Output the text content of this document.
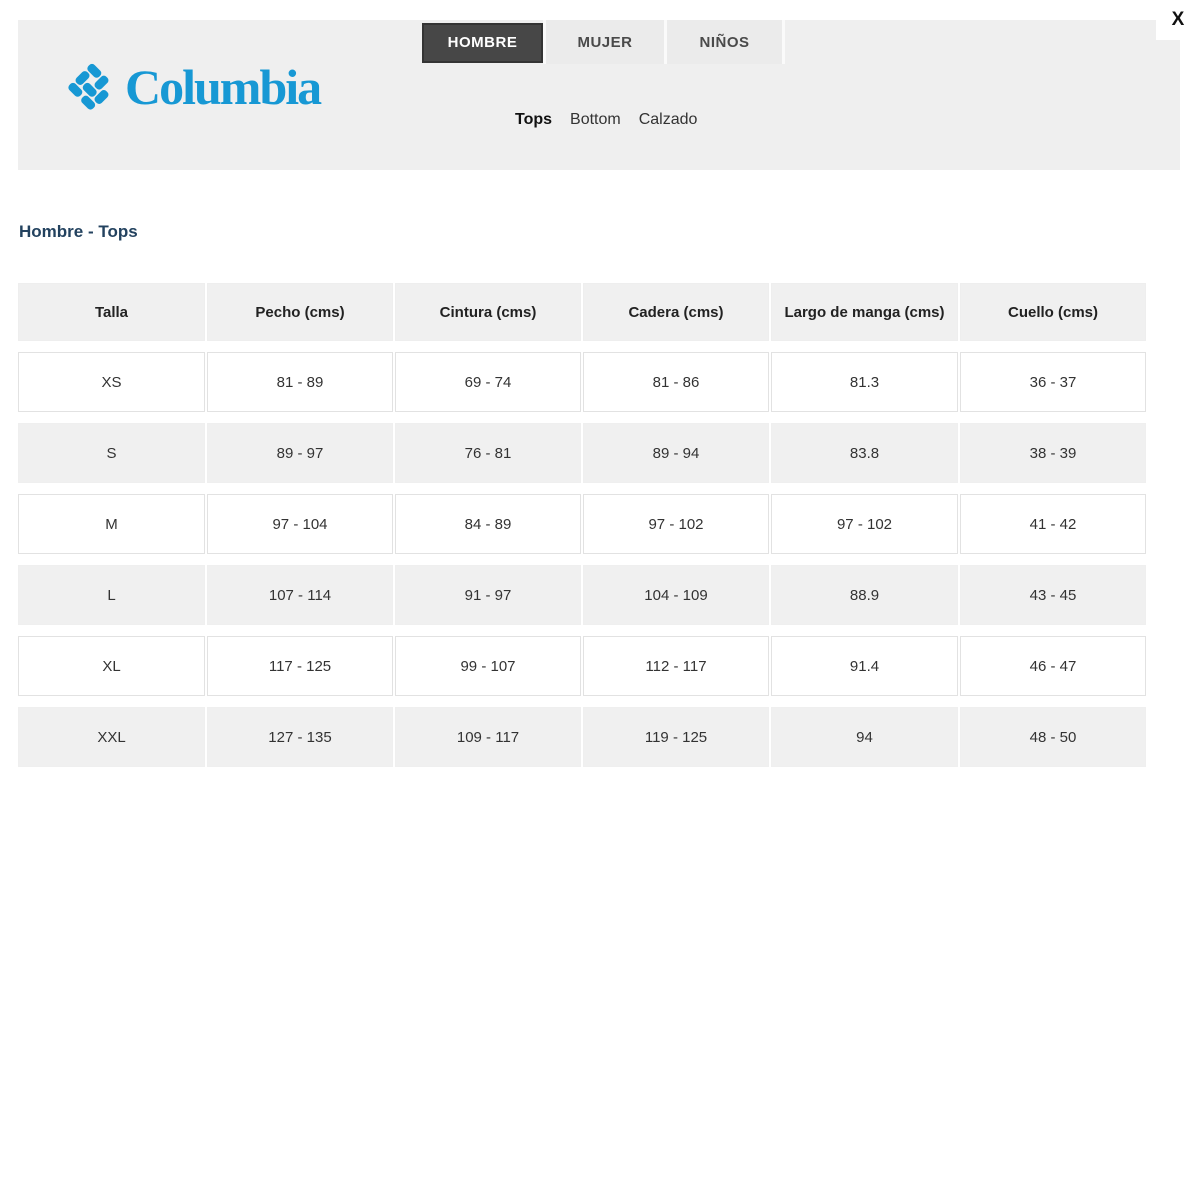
Columbia
HOMBRE	MUJER	NIÑOS
Tops	Bottom	Calzado
X
Hombre - Tops
Talla	Pecho (cms)	Cintura (cms)	Cadera (cms)	Largo de manga (cms)	Cuello (cms)
XS	81 - 89	69 - 74	81 - 86	81.3	36 - 37
S	89 - 97	76 - 81	89 - 94	83.8	38 - 39
M	97 - 104	84 - 89	97 - 102	97 - 102	41 - 42
L	107 - 114	91 - 97	104 - 109	88.9	43 - 45
XL	117 - 125	99 - 107	112 - 117	91.4	46 - 47
XXL	127 - 135	109 - 117	119 - 125	94	48 - 50
